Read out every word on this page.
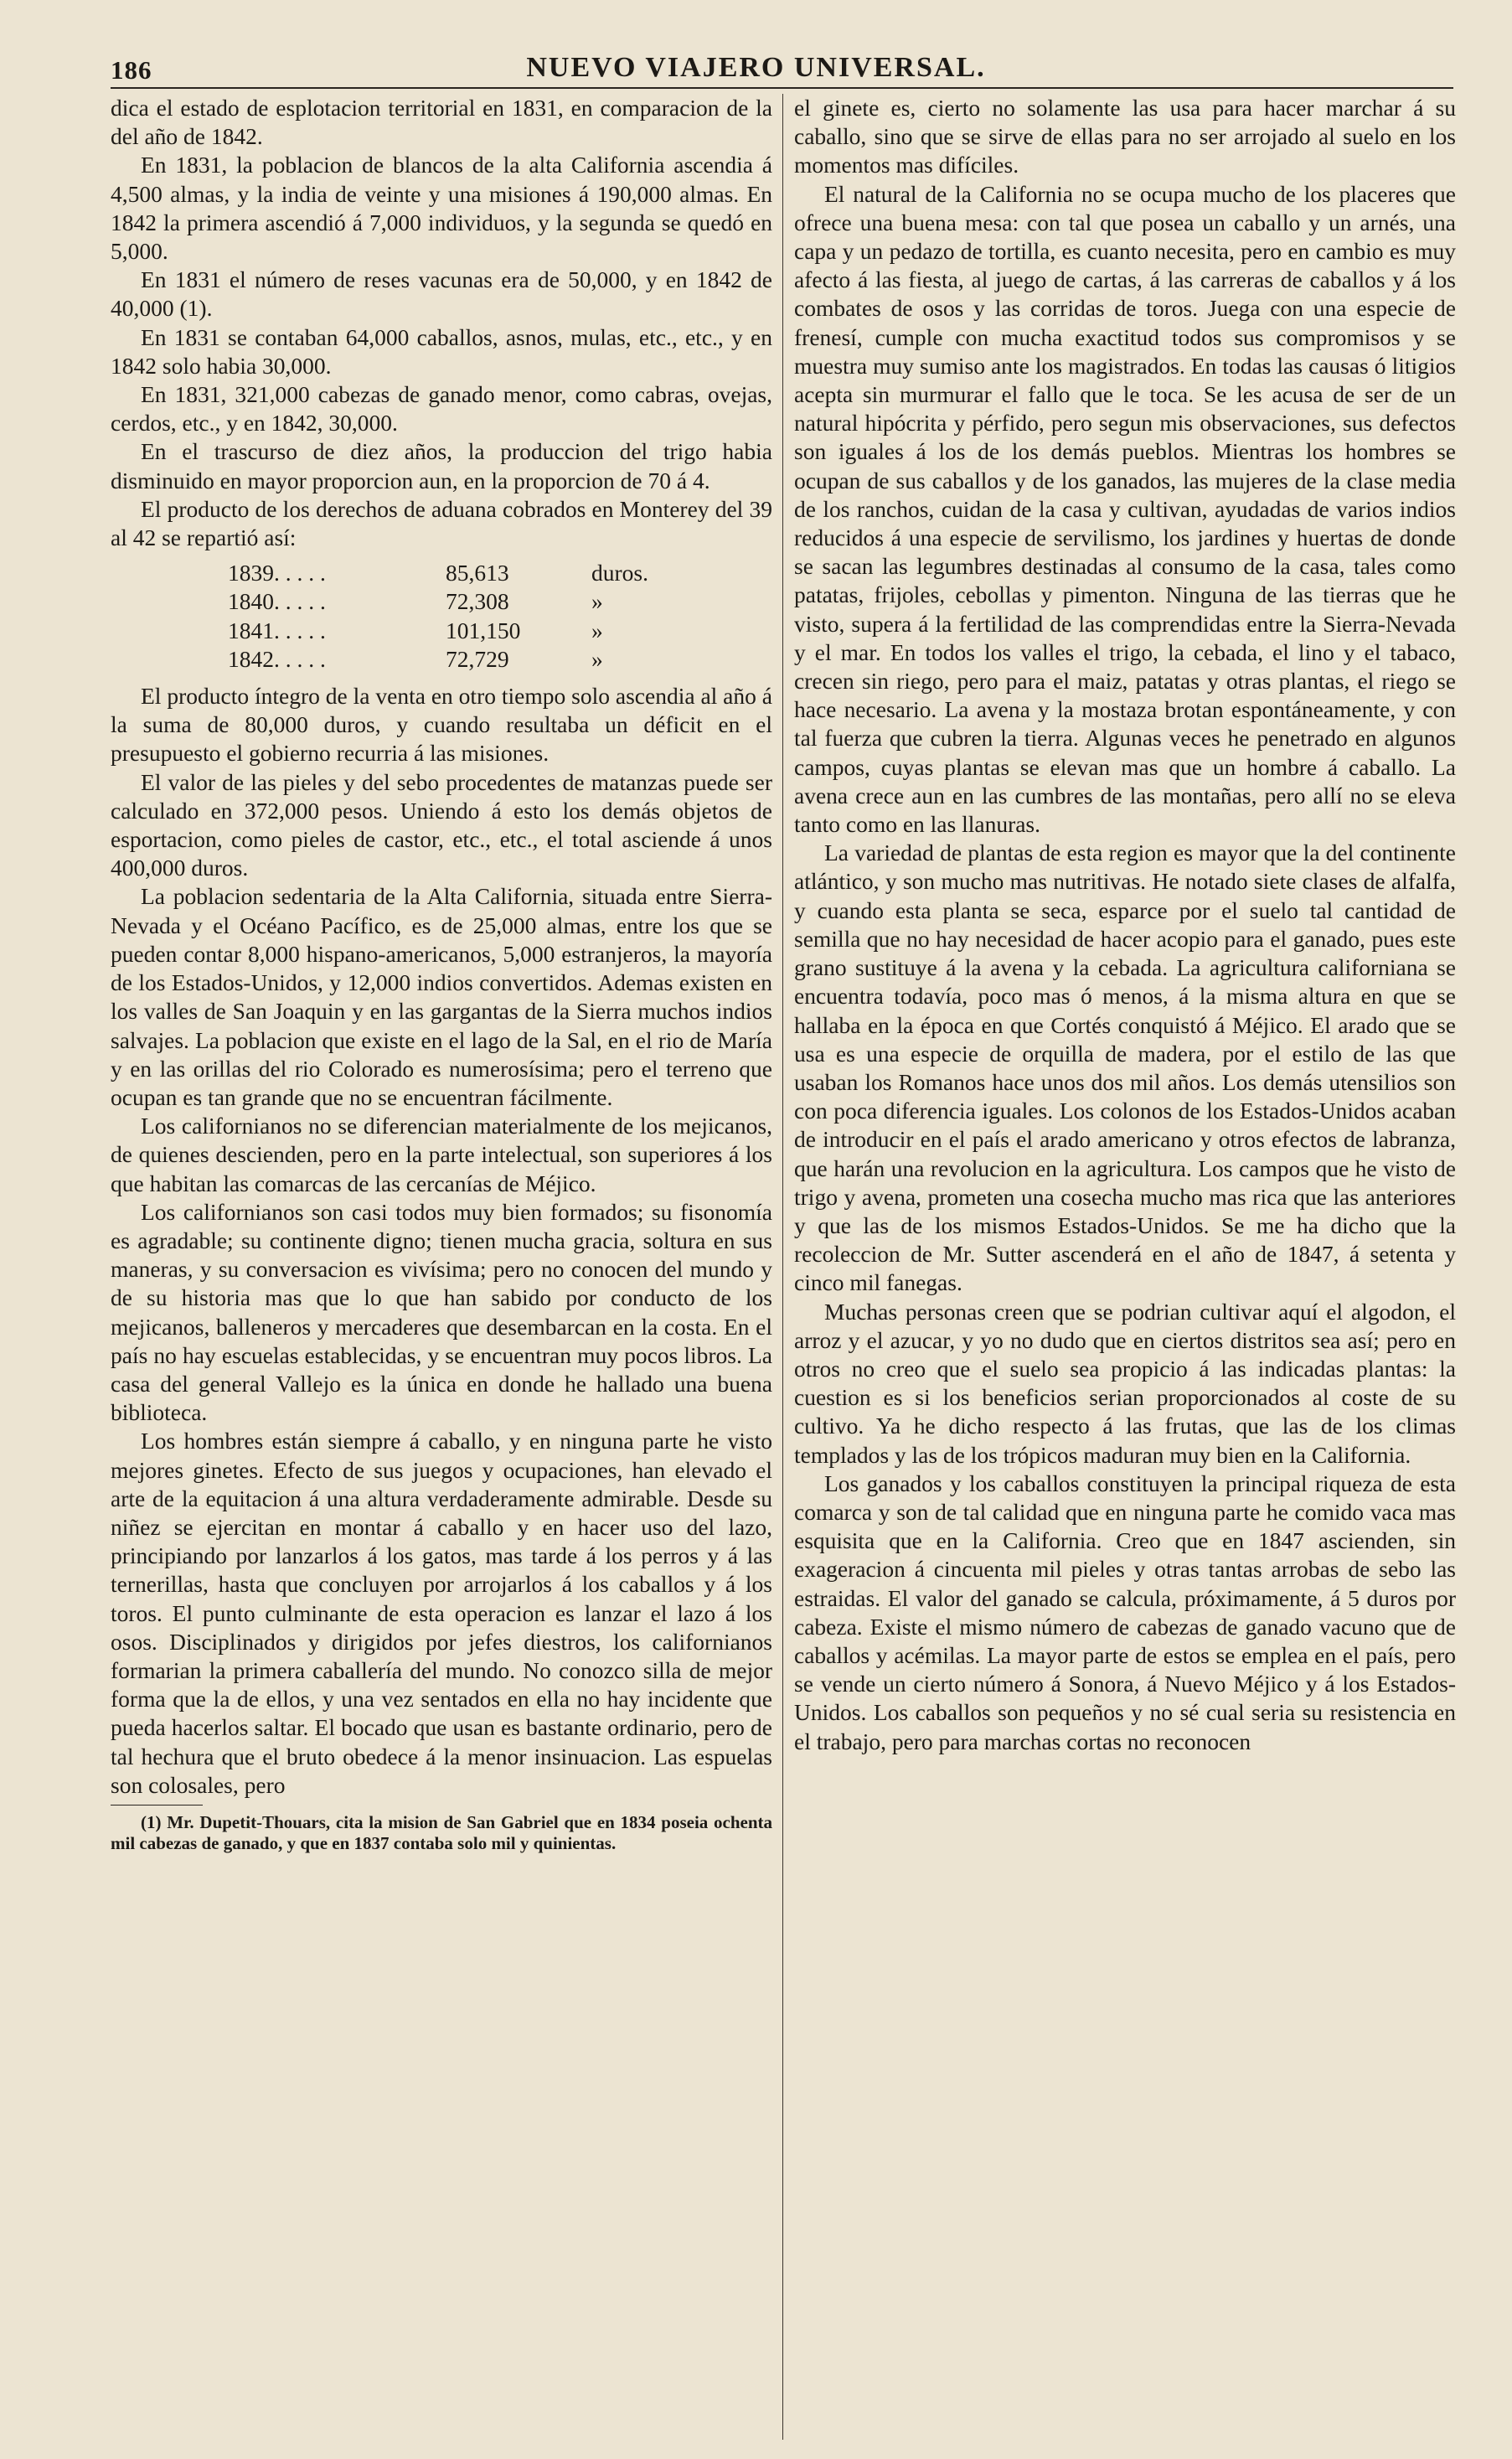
186	NUEVO VIAJERO UNIVERSAL.

dica el estado de esplotacion territorial en 1831, en comparacion de la del año de 1842.

En 1831, la poblacion de blancos de la alta California ascendia á 4,500 almas, y la india de veinte y una misiones á 190,000 almas. En 1842 la primera ascendió á 7,000 individuos, y la segunda se quedó en 5,000.

En 1831 el número de reses vacunas era de 50,000, y en 1842 de 40,000 (1).

En 1831 se contaban 64,000 caballos, asnos, mulas, etc., etc., y en 1842 solo habia 30,000.

En 1831, 321,000 cabezas de ganado menor, como cabras, ovejas, cerdos, etc., y en 1842, 30,000.

En el trascurso de diez años, la produccion del trigo habia disminuido en mayor proporcion aun, en la proporcion de 70 á 4.

El producto de los derechos de aduana cobrados en Monterey del 39 al 42 se repartió así:

1839. . . . .	85,613	duros.
1840. . . . .	72,308	»
1841. . . . .	101,150	»
1842. . . . .	72,729	»

El producto íntegro de la venta en otro tiempo solo ascendia al año á la suma de 80,000 duros, y cuando resultaba un déficit en el presupuesto el gobierno recurria á las misiones.

El valor de las pieles y del sebo procedentes de matanzas puede ser calculado en 372,000 pesos. Uniendo á esto los demás objetos de esportacion, como pieles de castor, etc., etc., el total asciende á unos 400,000 duros.

La poblacion sedentaria de la Alta California, situada entre Sierra-Nevada y el Océano Pacífico, es de 25,000 almas, entre los que se pueden contar 8,000 hispano-americanos, 5,000 estranjeros, la mayoría de los Estados-Unidos, y 12,000 indios convertidos. Ademas existen en los valles de San Joaquin y en las gargantas de la Sierra muchos indios salvajes. La poblacion que existe en el lago de la Sal, en el rio de María y en las orillas del rio Colorado es numerosísima; pero el terreno que ocupan es tan grande que no se encuentran fácilmente.

Los californianos no se diferencian materialmente de los mejicanos, de quienes descienden, pero en la parte intelectual, son superiores á los que habitan las comarcas de las cercanías de Méjico.

Los californianos son casi todos muy bien formados; su fisonomía es agradable; su continente digno; tienen mucha gracia, soltura en sus maneras, y su conversacion es vivísima; pero no conocen del mundo y de su historia mas que lo que han sabido por conducto de los mejicanos, balleneros y mercaderes que desembarcan en la costa. En el país no hay escuelas establecidas, y se encuentran muy pocos libros. La casa del general Vallejo es la única en donde he hallado una buena biblioteca.

Los hombres están siempre á caballo, y en ninguna parte he visto mejores ginetes. Efecto de sus juegos y ocupaciones, han elevado el arte de la equitacion á una altura verdaderamente admirable. Desde su niñez se ejercitan en montar á caballo y en hacer uso del lazo, principiando por lanzarlos á los gatos, mas tarde á los perros y á las ternerillas, hasta que concluyen por arrojarlos á los caballos y á los toros. El punto culminante de esta operacion es lanzar el lazo á los osos. Disciplinados y dirigidos por jefes diestros, los californianos formarian la primera caballería del mundo. No conozco silla de mejor forma que la de ellos, y una vez sentados en ella no hay incidente que pueda hacerlos saltar. El bocado que usan es bastante ordinario, pero de tal hechura que el bruto obedece á la menor insinuacion. Las espuelas son colosales, pero

(1) Mr. Dupetit-Thouars, cita la mision de San Gabriel que en 1834 poseia ochenta mil cabezas de ganado, y que en 1837 contaba solo mil y quinientas.

el ginete es, cierto no solamente las usa para hacer marchar á su caballo, sino que se sirve de ellas para no ser arrojado al suelo en los momentos mas difíciles.

El natural de la California no se ocupa mucho de los placeres que ofrece una buena mesa: con tal que posea un caballo y un arnés, una capa y un pedazo de tortilla, es cuanto necesita, pero en cambio es muy afecto á las fiesta, al juego de cartas, á las carreras de caballos y á los combates de osos y las corridas de toros. Juega con una especie de frenesí, cumple con mucha exactitud todos sus compromisos y se muestra muy sumiso ante los magistrados. En todas las causas ó litigios acepta sin murmurar el fallo que le toca. Se les acusa de ser de un natural hipócrita y pérfido, pero segun mis observaciones, sus defectos son iguales á los de los demás pueblos. Mientras los hombres se ocupan de sus caballos y de los ganados, las mujeres de la clase media de los ranchos, cuidan de la casa y cultivan, ayudadas de varios indios reducidos á una especie de servilismo, los jardines y huertas de donde se sacan las legumbres destinadas al consumo de la casa, tales como patatas, frijoles, cebollas y pimenton. Ninguna de las tierras que he visto, supera á la fertilidad de las comprendidas entre la Sierra-Nevada y el mar. En todos los valles el trigo, la cebada, el lino y el tabaco, crecen sin riego, pero para el maiz, patatas y otras plantas, el riego se hace necesario. La avena y la mostaza brotan espontáneamente, y con tal fuerza que cubren la tierra. Algunas veces he penetrado en algunos campos, cuyas plantas se elevan mas que un hombre á caballo. La avena crece aun en las cumbres de las montañas, pero allí no se eleva tanto como en las llanuras.

La variedad de plantas de esta region es mayor que la del continente atlántico, y son mucho mas nutritivas. He notado siete clases de alfalfa, y cuando esta planta se seca, esparce por el suelo tal cantidad de semilla que no hay necesidad de hacer acopio para el ganado, pues este grano sustituye á la avena y la cebada. La agricultura californiana se encuentra todavía, poco mas ó menos, á la misma altura en que se hallaba en la época en que Cortés conquistó á Méjico. El arado que se usa es una especie de orquilla de madera, por el estilo de las que usaban los Romanos hace unos dos mil años. Los demás utensilios son con poca diferencia iguales. Los colonos de los Estados-Unidos acaban de introducir en el país el arado americano y otros efectos de labranza, que harán una revolucion en la agricultura. Los campos que he visto de trigo y avena, prometen una cosecha mucho mas rica que las anteriores y que las de los mismos Estados-Unidos. Se me ha dicho que la recoleccion de Mr. Sutter ascenderá en el año de 1847, á setenta y cinco mil fanegas.

Muchas personas creen que se podrian cultivar aquí el algodon, el arroz y el azucar, y yo no dudo que en ciertos distritos sea así; pero en otros no creo que el suelo sea propicio á las indicadas plantas: la cuestion es si los beneficios serian proporcionados al coste de su cultivo. Ya he dicho respecto á las frutas, que las de los climas templados y las de los trópicos maduran muy bien en la California.

Los ganados y los caballos constituyen la principal riqueza de esta comarca y son de tal calidad que en ninguna parte he comido vaca mas esquisita que en la California. Creo que en 1847 ascienden, sin exageracion á cincuenta mil pieles y otras tantas arrobas de sebo las estraidas. El valor del ganado se calcula, próximamente, á 5 duros por cabeza. Existe el mismo número de cabezas de ganado vacuno que de caballos y acémilas. La mayor parte de estos se emplea en el país, pero se vende un cierto número á Sonora, á Nuevo Méjico y á los Estados-Unidos. Los caballos son pequeños y no sé cual seria su resistencia en el trabajo, pero para marchas cortas no reconocen
